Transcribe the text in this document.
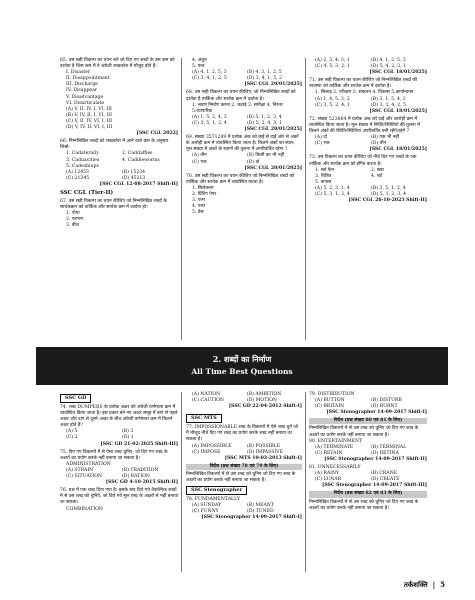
65. उस सही विकल्प का चयन करें जो दिए गए शब्दों के उस क्रम को दर्शाता है जिस क्रम में वे अंग्रेजी शब्दकोश में मौजूद होते हैं–

I. Disaster
II. Disappointment
III. Discharge
IV. Disappear
V. Disadvantage
VI. Disarticulate
(A) V, II, IV, I, VI, III
(B) V, IV, II, I, VI, III
(C) V, II, IV, VI, I, III
(D) V, IV, II, VI, I, III
[SSC CGL 2022]

66. निम्नलिखित शब्दों को शब्दकोश में आने वाले क्रम के अनुसार लिखें–

1. Cadaterally	2. Caddaffies
3. Caduacities	4. Caddieworms
5. Cadesbiups
(A) 12453	(B) 15234
(C) 21345	(D) 45213
[SSC CGL 12-08-2017 Shift-II]
SSC CGL (Tier-II)

67. उस सही विकल्प का चयन कीजिए जो निम्नलिखित शब्दों के सार्थकक्रम को तार्किक और सार्थक क्रम में दर्शाता हो।

1. पौधा
2. परागण
3. बीज
4. अंकुर
5. फल
(A) 4, 1, 2, 5, 3	(B) 4, 3, 1, 2, 5
(C) 3, 4, 1, 2, 5	(D) 3, 4, 1, 5, 2
[SSC CGL 20/01/2025]

68. उस सही विकल्प का चयन कीजिए, जो निम्नलिखित शब्दों को दर्शाता है तार्किक और सार्थक क्रम में दर्शाता है।

1. लवण निर्माण करना 2. कटाई 3. समीक्षा 4. निरंतर 5.व्यापारिक
(A) 1, 5, 2, 4, 3	(B) 5, 1, 2, 3, 4
(C) 3, 5, 1, 2, 4	(D) 5, 2, 4, 3, 1
[SSC CGL 20/01/2025]

69. संख्या 3571289 में प्रत्येक अंक को बाईं से दाईं ओर से अंकों के आरोही क्रम में व्यवस्थित किया जाता है। कितने अंकों का स्थान, मूल संख्या में अंकों के स्थानों की तुलना में अपरिवर्तित रहेगा ?

(A) तीन	(B) किसी का भी नहीं
(C) एक	(D) दो
[SSC CGL 20/01/2025]

70. उस सही विकल्प का चयन कीजिए जो निम्नलिखित शब्दों को तार्किक और सार्थक क्रम में व्यवस्थित करता है।

1. सिलेक्शन
2. प्रिंटिंग पेपर
3. पल्प
4. पल्प
5. प्रेस
(A) 2, 5, 4, 3, 1	(B) 4, 1, 2, 5, 3
(C) 4, 5, 3, 2, 1	(D) 5, 4, 2, 3, 1
[SSC CGL 18/01/2025]

71. उस सही विकल्प का चयन कीजिए जो निम्नलिखित शब्दों की व्यवस्था को तार्किक और सार्थक क्रम में दर्शाता है।

1. सिलाइ 2. परीक्षण 3. संकलन 4. विकास 5.कार्यान्वयन
(A) 1, 4, 5, 3, 2	(B) 3, 1, 5, 4, 2
(C) 3, 5, 2, 4, 1	(D) 3, 1, 4, 2, 5
[SSC CGL 18/01/2025]

72. संख्या 523864 में प्रत्येक अंक को दाईं और आरोही क्रम में व्यवस्थित किया जाता है। मूल संख्या में स्थिति/स्थितियों की तुलना में कितने अंकों की स्थिति/स्थितियां अपरिवर्तित बनी रहेंगे/रहेगे ?

(A) दो	(B) एक भी नहीं
(C) एक	(D) तीन
[SSC CGL 18/01/2025]

73. उस विकल्प का चयन कीजिए जो नीचे दिए गए शब्दों के एक तार्किक और सार्थक क्रम को इंगित करता है।

1. सर्द फैन	2. स्वप्न
3. चित्रित	4. शर्ट
5. कपास
(A) 5, 2, 3, 1, 4	(B) 3, 5, 1, 2, 4
(C) 5, 3, 1, 2, 4	(D) 5, 1, 2, 3, 4
[SSC CGL 26-10-2023 Shift-II]
2. शब्दों का निर्माण
All Time Best Questions
SSC GD

74. शब्द DUMPERS के प्रत्येक अक्षर को अंग्रेजी वर्णमाला क्रम में व्यवस्थित किया जाता है। इस प्रकार बने नए अक्षर समूह में बाएं से पहले अक्षर और दाएं से दूसरे अक्षर के बीच अंग्रेजी वर्णमाला क्रम में कितने अक्षर होते हैं?

(A) 5	(B) 3
(C) 2	(D) 1
[SSC GD 21-02-2025 Shift-III]

75. दिए गए विकल्पों में से ऐसा शब्द चुनिए, जो दिए गए शब्द के अक्षरों का प्रयोग करके नहीं बनाया जा सकता है।

ADMINISTRATION
(A) STRAIN	(B) TRADITION
(C) SITUATION	(D) RATION
[SSC GD 4-10-2015 Shift-II]

76. प्रश्न में एक शब्द दिया गया है। इसके बाद दिये गये वैकल्पिक शब्दों में से उस शब्द को चुनिये, जो दिये गये मूल शब्द के अक्षरों से नहीं बनाया जा सकता।

COMBINATION
(A) NATION	(B) AMBITION
(C) CAUTION	(D) MOTION
[SSC GD 22-04-2012 Shift-I]
SSC MTS

77. IMPOSSIONABLE शब्द के विकल्पों में ऐसे शब्द चुनें जो मैं मौजूद नीचे दिए गए शब्द का प्रयोग करके शब्द नहीं बनाया जा सकता है।

(A) IMPOSSIBLE	(B) POSSIBLE
(C) IMPOSE	(D) IMPASSIVE
[SSC MTS 10-03-2013 Shift-I]
निर्देश (प्रश्न संख्या 78 एवं 79 के लिए)

निम्नलिखित विकल्पों में से उस शब्द को चुनिए जो दिए गए शब्द के अक्षरों का प्रयोग करके नहीं बनाया जा सकता है।

SSC Stenographer

78. FUNDAMENTALLY

(A) SUNDAY	(B) MEANT
(C) FUNNY	(D) TUNED
[SSC Stenographer 14-09-2017 Shift-I]

79. DISTRIBUTION

(A) BUTTON	(B) DISTURB
(C) BRITAIN	(D) BURNT
[SSC Stenographer 14-09-2017 Shift-I]
निर्देश (प्रश्न संख्या 80 एवं 81 के लिए)

निम्नलिखित विकल्पों में से उस शब्द को चुनिए जो दिए गए शब्द के अक्षरों का प्रयोग करके नहीं बनाया जा सकता है।

80. ENTERTAINMENT

(A) TERMINATE	(B) TERMINAL
(C) RETAIN	(D) RETINA
[SSC Stenographer 14-09-2017 Shift-II]

81. UNNECESSARILY

(A) RAINY	(B) CRANE
(C) LUNAR	(D) CREATE
[SSC Stenographer 14-09-2017 Shift-III]
निर्देश (प्रश्न संख्या 82 एवं 83 के लिए)

निम्नलिखित विकल्पों में से उस शब्द को चुनिए जो दिए गए शब्द के अक्षरों का प्रयोग करके नहीं बनाया जा सकता है।

तर्कशक्ति | 5
